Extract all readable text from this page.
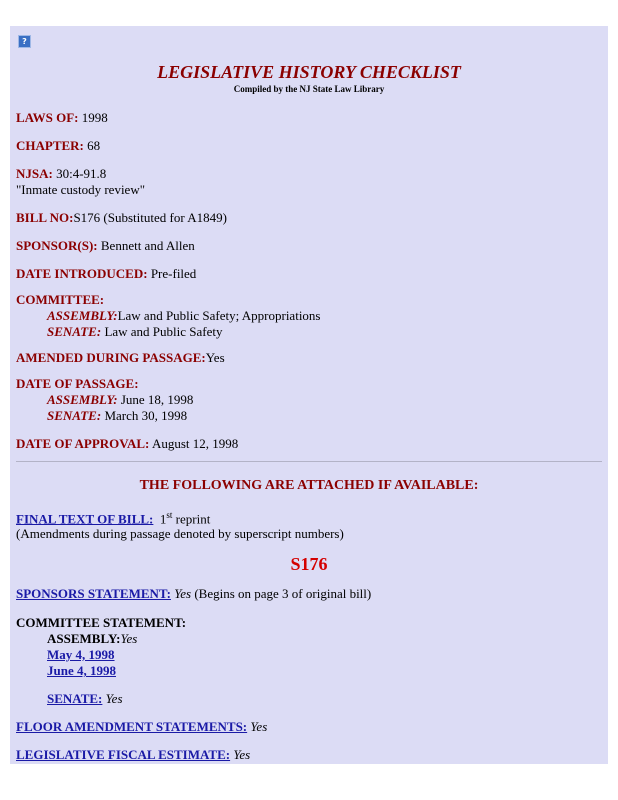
?
LEGISLATIVE HISTORY CHECKLIST
Compiled by the NJ State Law Library
LAWS OF: 1998
CHAPTER: 68
NJSA: 30:4-91.8
"Inmate custody review"
BILL NO:S176 (Substituted for A1849)
SPONSOR(S): Bennett and Allen
DATE INTRODUCED: Pre-filed
COMMITTEE:
ASSEMBLY:Law and Public Safety; Appropriations
SENATE: Law and Public Safety
AMENDED DURING PASSAGE:Yes
DATE OF PASSAGE:
ASSEMBLY: June 18, 1998
SENATE: March 30, 1998
DATE OF APPROVAL: August 12, 1998
THE FOLLOWING ARE ATTACHED IF AVAILABLE:
FINAL TEXT OF BILL: 1st reprint
(Amendments during passage denoted by superscript numbers)
S176
SPONSORS STATEMENT: Yes (Begins on page 3 of original bill)
COMMITTEE STATEMENT:
ASSEMBLY:Yes
May 4, 1998
June 4, 1998
SENATE: Yes
FLOOR AMENDMENT STATEMENTS: Yes
LEGISLATIVE FISCAL ESTIMATE: Yes
